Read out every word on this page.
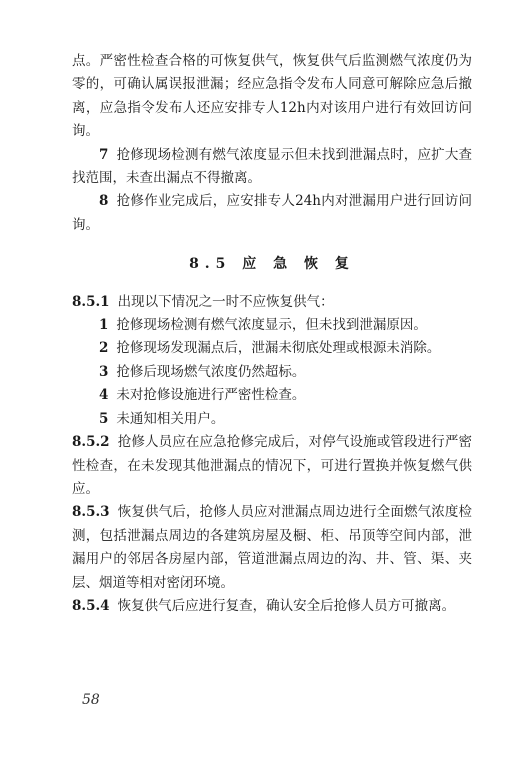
点。严密性检查合格的可恢复供气，恢复供气后监测燃气浓度仍为零的，可确认属误报泄漏；经应急指令发布人同意可解除应急后撤离，应急指令发布人还应安排专人12h内对该用户进行有效回访问询。

7 抢修现场检测有燃气浓度显示但未找到泄漏点时，应扩大查找范围，未查出漏点不得撤离。

8 抢修作业完成后，应安排专人24h内对泄漏用户进行回访问询。

8.5 应 急 恢 复

8.5.1 出现以下情况之一时不应恢复供气：

1 抢修现场检测有燃气浓度显示，但未找到泄漏原因。

2 抢修现场发现漏点后，泄漏未彻底处理或根源未消除。

3 抢修后现场燃气浓度仍然超标。

4 未对抢修设施进行严密性检查。

5 未通知相关用户。

8.5.2 抢修人员应在应急抢修完成后，对停气设施或管段进行严密性检查，在未发现其他泄漏点的情况下，可进行置换并恢复燃气供应。

8.5.3 恢复供气后，抢修人员应对泄漏点周边进行全面燃气浓度检测，包括泄漏点周边的各建筑房屋及橱、柜、吊顶等空间内部，泄漏用户的邻居各房屋内部，管道泄漏点周边的沟、井、管、渠、夹层、烟道等相对密闭环境。

8.5.4 恢复供气后应进行复查，确认安全后抢修人员方可撤离。

58
